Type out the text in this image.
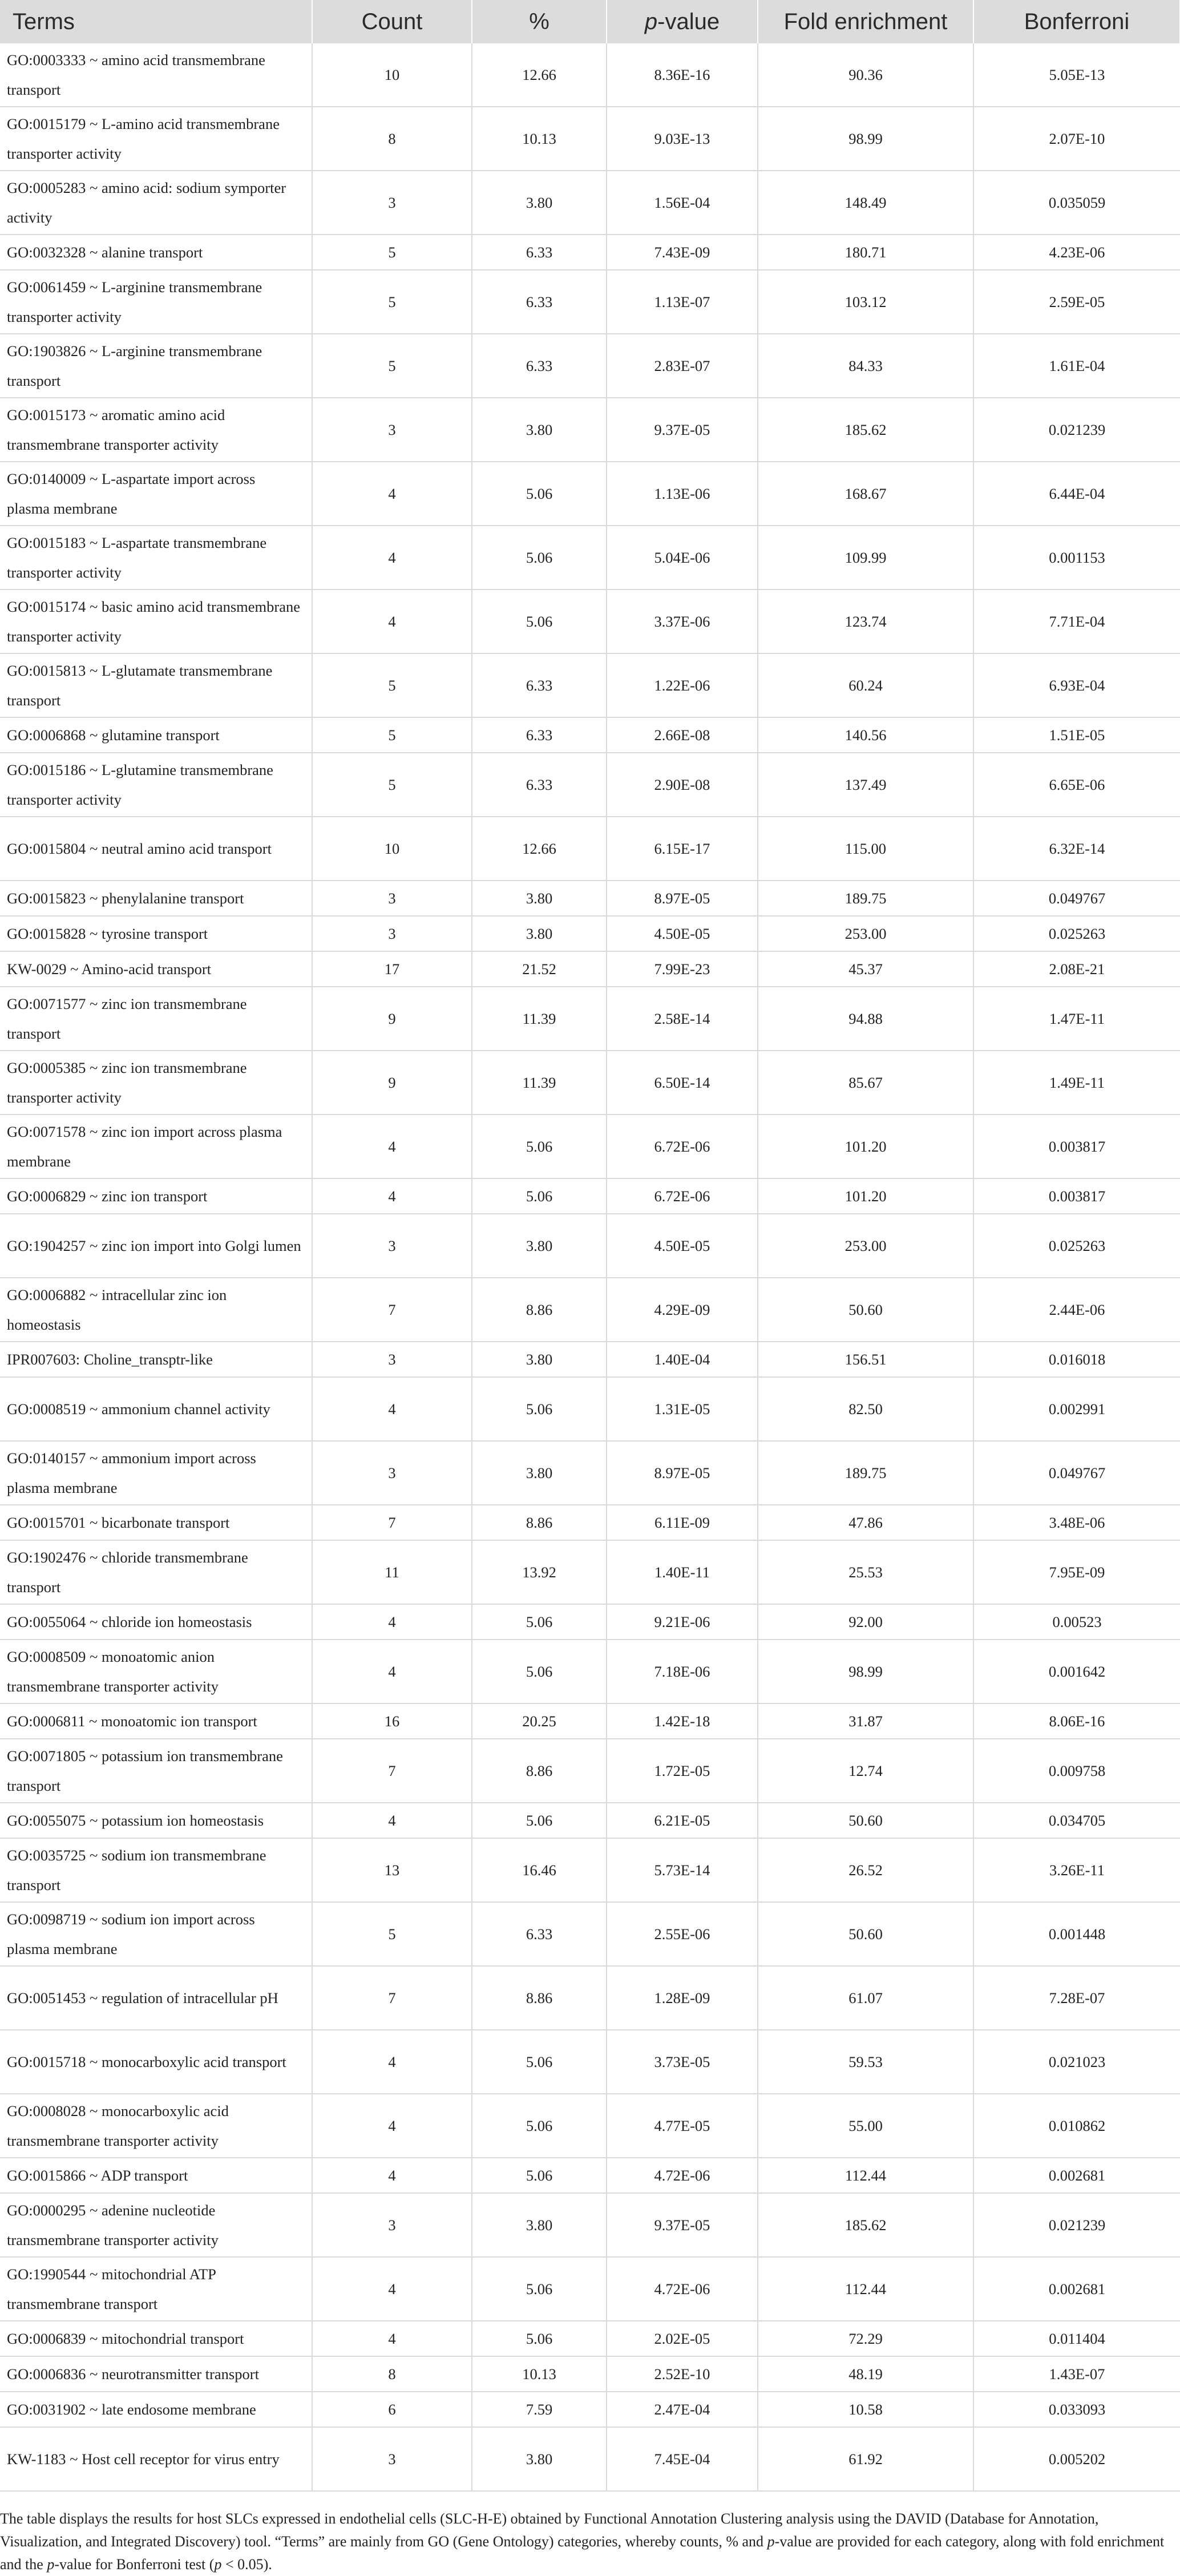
Terms	Count	%	p-value	Fold enrichment	Bonferroni
GO:0003333 ~ amino acid transmembrane transport	10	12.66	8.36E-16	90.36	5.05E-13
GO:0015179 ~ L-amino acid transmembrane transporter activity	8	10.13	9.03E-13	98.99	2.07E-10
GO:0005283 ~ amino acid: sodium symporter activity	3	3.80	1.56E-04	148.49	0.035059
GO:0032328 ~ alanine transport	5	6.33	7.43E-09	180.71	4.23E-06
GO:0061459 ~ L-arginine transmembrane transporter activity	5	6.33	1.13E-07	103.12	2.59E-05
GO:1903826 ~ L-arginine transmembrane transport	5	6.33	2.83E-07	84.33	1.61E-04
GO:0015173 ~ aromatic amino acid transmembrane transporter activity	3	3.80	9.37E-05	185.62	0.021239
GO:0140009 ~ L-aspartate import across plasma membrane	4	5.06	1.13E-06	168.67	6.44E-04
GO:0015183 ~ L-aspartate transmembrane transporter activity	4	5.06	5.04E-06	109.99	0.001153
GO:0015174 ~ basic amino acid transmembrane transporter activity	4	5.06	3.37E-06	123.74	7.71E-04
GO:0015813 ~ L-glutamate transmembrane transport	5	6.33	1.22E-06	60.24	6.93E-04
GO:0006868 ~ glutamine transport	5	6.33	2.66E-08	140.56	1.51E-05
GO:0015186 ~ L-glutamine transmembrane transporter activity	5	6.33	2.90E-08	137.49	6.65E-06
GO:0015804 ~ neutral amino acid transport	10	12.66	6.15E-17	115.00	6.32E-14
GO:0015823 ~ phenylalanine transport	3	3.80	8.97E-05	189.75	0.049767
GO:0015828 ~ tyrosine transport	3	3.80	4.50E-05	253.00	0.025263
KW-0029 ~ Amino-acid transport	17	21.52	7.99E-23	45.37	2.08E-21
GO:0071577 ~ zinc ion transmembrane transport	9	11.39	2.58E-14	94.88	1.47E-11
GO:0005385 ~ zinc ion transmembrane transporter activity	9	11.39	6.50E-14	85.67	1.49E-11
GO:0071578 ~ zinc ion import across plasma membrane	4	5.06	6.72E-06	101.20	0.003817
GO:0006829 ~ zinc ion transport	4	5.06	6.72E-06	101.20	0.003817
GO:1904257 ~ zinc ion import into Golgi lumen	3	3.80	4.50E-05	253.00	0.025263
GO:0006882 ~ intracellular zinc ion homeostasis	7	8.86	4.29E-09	50.60	2.44E-06
IPR007603: Choline_transptr-like	3	3.80	1.40E-04	156.51	0.016018
GO:0008519 ~ ammonium channel activity	4	5.06	1.31E-05	82.50	0.002991
GO:0140157 ~ ammonium import across plasma membrane	3	3.80	8.97E-05	189.75	0.049767
GO:0015701 ~ bicarbonate transport	7	8.86	6.11E-09	47.86	3.48E-06
GO:1902476 ~ chloride transmembrane transport	11	13.92	1.40E-11	25.53	7.95E-09
GO:0055064 ~ chloride ion homeostasis	4	5.06	9.21E-06	92.00	0.00523
GO:0008509 ~ monoatomic anion transmembrane transporter activity	4	5.06	7.18E-06	98.99	0.001642
GO:0006811 ~ monoatomic ion transport	16	20.25	1.42E-18	31.87	8.06E-16
GO:0071805 ~ potassium ion transmembrane transport	7	8.86	1.72E-05	12.74	0.009758
GO:0055075 ~ potassium ion homeostasis	4	5.06	6.21E-05	50.60	0.034705
GO:0035725 ~ sodium ion transmembrane transport	13	16.46	5.73E-14	26.52	3.26E-11
GO:0098719 ~ sodium ion import across plasma membrane	5	6.33	2.55E-06	50.60	0.001448
GO:0051453 ~ regulation of intracellular pH	7	8.86	1.28E-09	61.07	7.28E-07
GO:0015718 ~ monocarboxylic acid transport	4	5.06	3.73E-05	59.53	0.021023
GO:0008028 ~ monocarboxylic acid transmembrane transporter activity	4	5.06	4.77E-05	55.00	0.010862
GO:0015866 ~ ADP transport	4	5.06	4.72E-06	112.44	0.002681
GO:0000295 ~ adenine nucleotide transmembrane transporter activity	3	3.80	9.37E-05	185.62	0.021239
GO:1990544 ~ mitochondrial ATP transmembrane transport	4	5.06	4.72E-06	112.44	0.002681
GO:0006839 ~ mitochondrial transport	4	5.06	2.02E-05	72.29	0.011404
GO:0006836 ~ neurotransmitter transport	8	10.13	2.52E-10	48.19	1.43E-07
GO:0031902 ~ late endosome membrane	6	7.59	2.47E-04	10.58	0.033093
KW-1183 ~ Host cell receptor for virus entry	3	3.80	7.45E-04	61.92	0.005202
The table displays the results for host SLCs expressed in endothelial cells (SLC-H-E) obtained by Functional Annotation Clustering analysis using the DAVID (Database for Annotation, Visualization, and Integrated Discovery) tool. “Terms” are mainly from GO (Gene Ontology) categories, whereby counts, % and p-value are provided for each category, along with fold enrichment and the p-value for Bonferroni test (p < 0.05).
